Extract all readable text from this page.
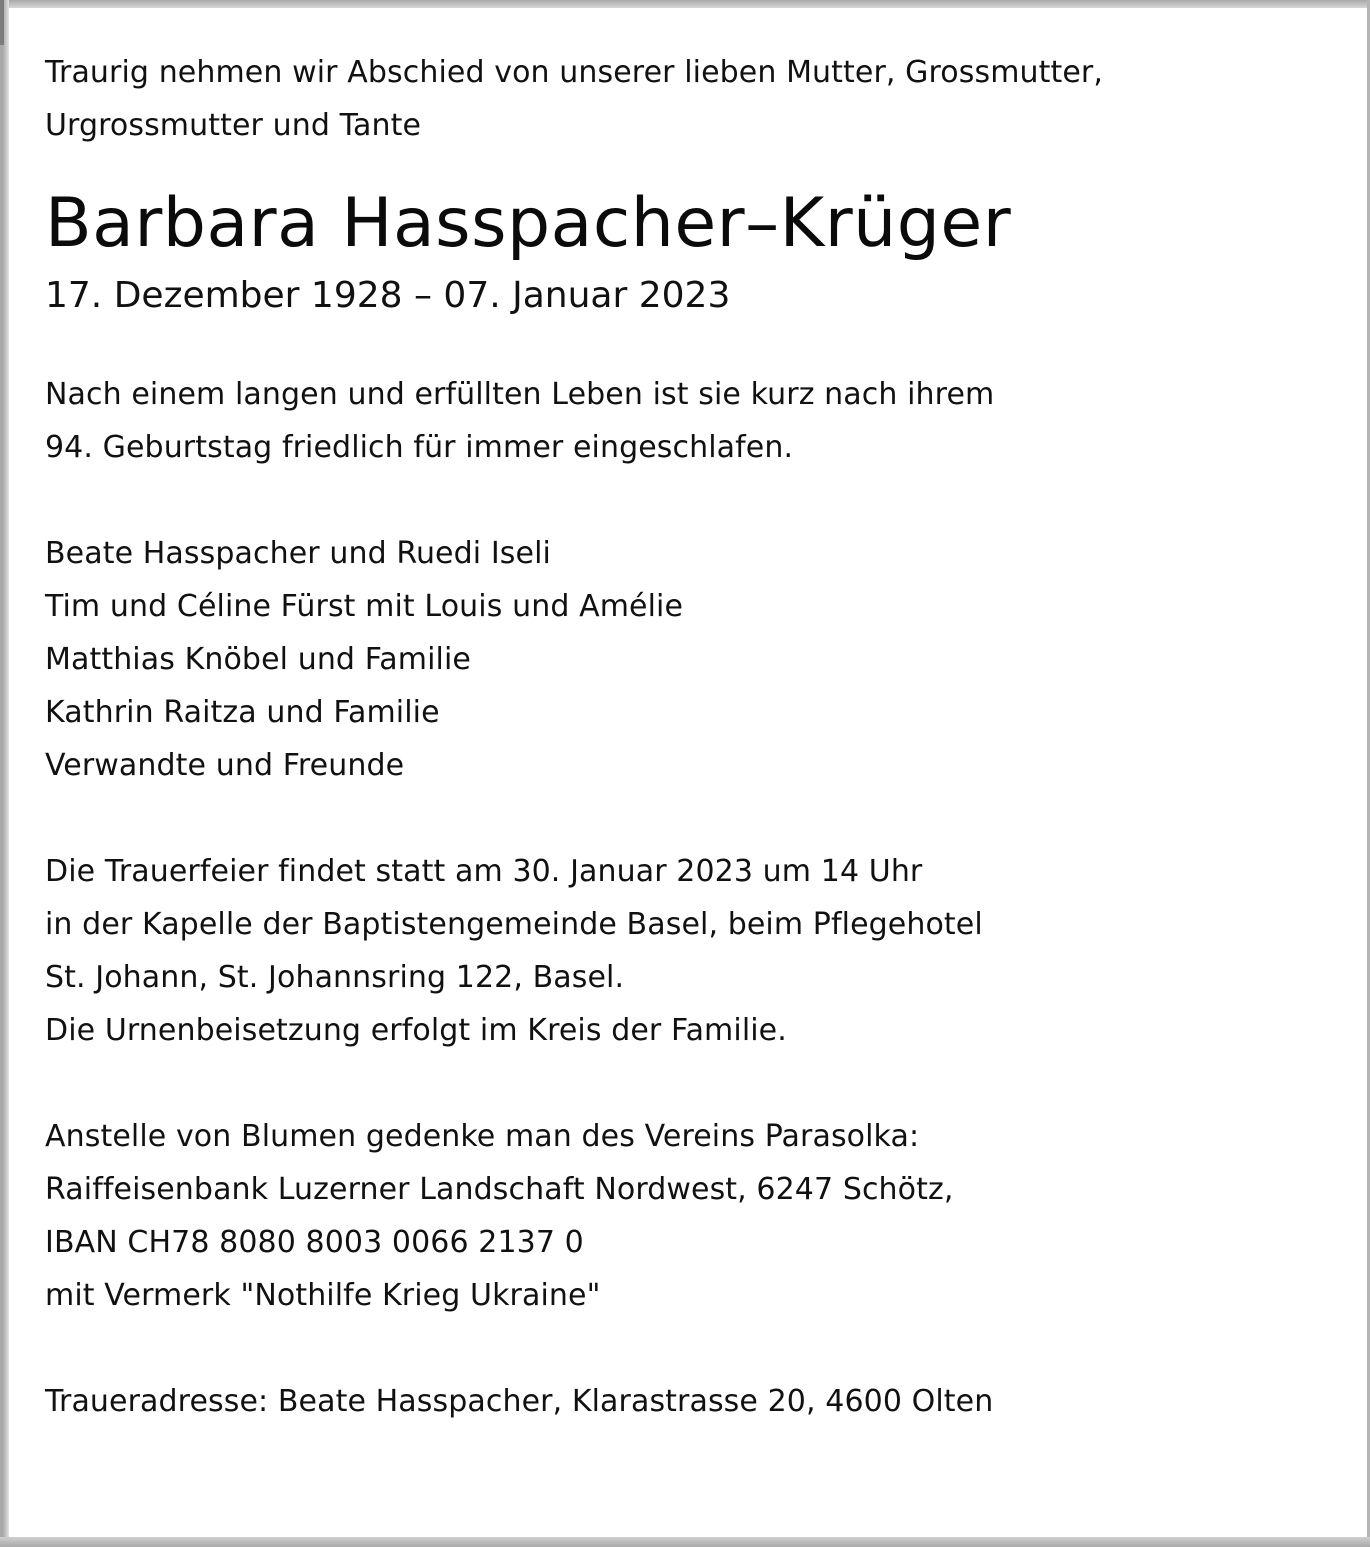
Traurig nehmen wir Abschied von unserer lieben Mutter, Grossmutter,
Urgrossmutter und Tante
Barbara Hasspacher–Krüger
17. Dezember 1928 – 07. Januar 2023
Nach einem langen und erfüllten Leben ist sie kurz nach ihrem
94. Geburtstag friedlich für immer eingeschlafen.
Beate Hasspacher und Ruedi Iseli
Tim und Céline Fürst mit Louis und Amélie
Matthias Knöbel und Familie
Kathrin Raitza und Familie
Verwandte und Freunde
Die Trauerfeier findet statt am 30. Januar 2023 um 14 Uhr
in der Kapelle der Baptistengemeinde Basel, beim Pflegehotel
St. Johann, St. Johannsring 122, Basel.
Die Urnenbeisetzung erfolgt im Kreis der Familie.
Anstelle von Blumen gedenke man des Vereins Parasolka:
Raiffeisenbank Luzerner Landschaft Nordwest, 6247 Schötz,
IBAN CH78 8080 8003 0066 2137 0
mit Vermerk "Nothilfe Krieg Ukraine"
Traueradresse: Beate Hasspacher, Klarastrasse 20, 4600 Olten
